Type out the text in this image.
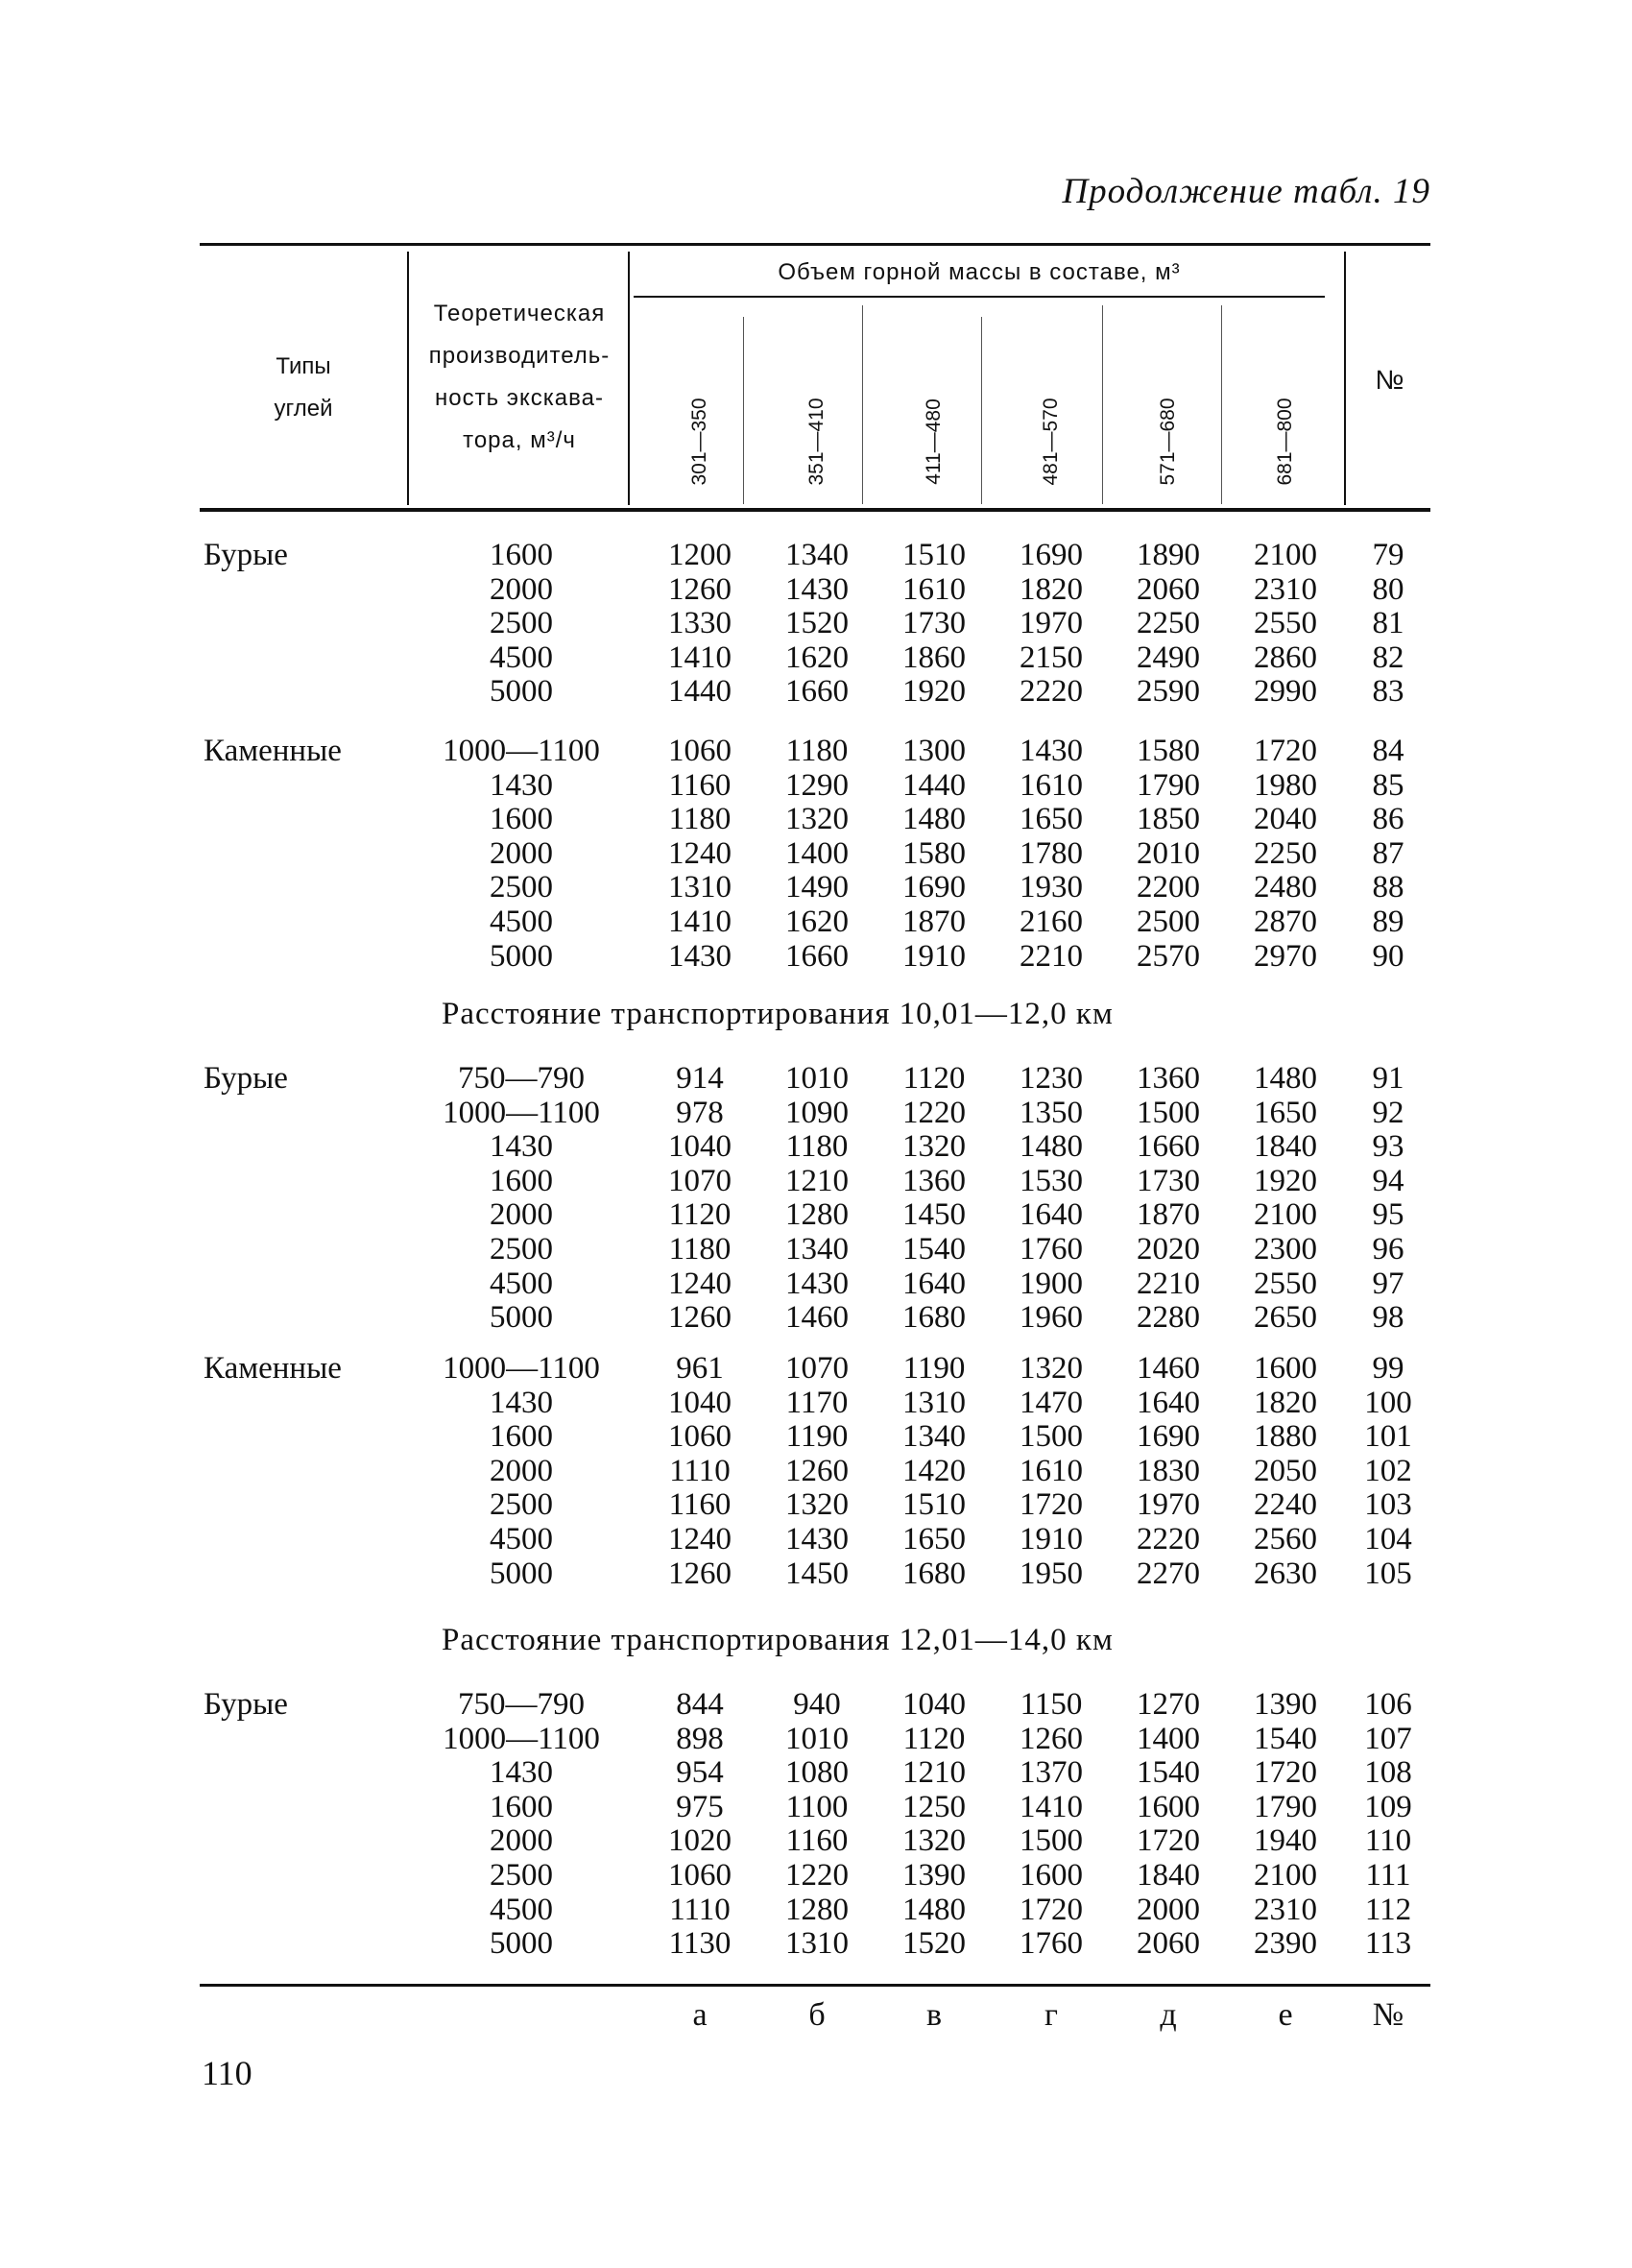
Продолжение табл. 19
Типы
углей
Теоретическая
производитель-
ность экскава-
тора, м³/ч
Объем горной массы в составе, м³
№
301—350	351—410	411—480	481—570	571—680	681—800
Бурые	1600	1200	1340	1510	1690	1890	2100	79
2000	1260	1430	1610	1820	2060	2310	80
2500	1330	1520	1730	1970	2250	2550	81
4500	1410	1620	1860	2150	2490	2860	82
5000	1440	1660	1920	2220	2590	2990	83
Каменные	1000—1100	1060	1180	1300	1430	1580	1720	84
1430	1160	1290	1440	1610	1790	1980	85
1600	1180	1320	1480	1650	1850	2040	86
2000	1240	1400	1580	1780	2010	2250	87
2500	1310	1490	1690	1930	2200	2480	88
4500	1410	1620	1870	2160	2500	2870	89
5000	1430	1660	1910	2210	2570	2970	90
Расстояние транспортирования 10,01—12,0 км
Бурые	750—790	914	1010	1120	1230	1360	1480	91
1000—1100	978	1090	1220	1350	1500	1650	92
1430	1040	1180	1320	1480	1660	1840	93
1600	1070	1210	1360	1530	1730	1920	94
2000	1120	1280	1450	1640	1870	2100	95
2500	1180	1340	1540	1760	2020	2300	96
4500	1240	1430	1640	1900	2210	2550	97
5000	1260	1460	1680	1960	2280	2650	98
Каменные	1000—1100	961	1070	1190	1320	1460	1600	99
1430	1040	1170	1310	1470	1640	1820	100
1600	1060	1190	1340	1500	1690	1880	101
2000	1110	1260	1420	1610	1830	2050	102
2500	1160	1320	1510	1720	1970	2240	103
4500	1240	1430	1650	1910	2220	2560	104
5000	1260	1450	1680	1950	2270	2630	105
Расстояние транспортирования 12,01—14,0 км
Бурые	750—790	844	940	1040	1150	1270	1390	106
1000—1100	898	1010	1120	1260	1400	1540	107
1430	954	1080	1210	1370	1540	1720	108
1600	975	1100	1250	1410	1600	1790	109
2000	1020	1160	1320	1500	1720	1940	110
2500	1060	1220	1390	1600	1840	2100	111
4500	1110	1280	1480	1720	2000	2310	112
5000	1130	1310	1520	1760	2060	2390	113
а	б	в	г	д	е	№
110
